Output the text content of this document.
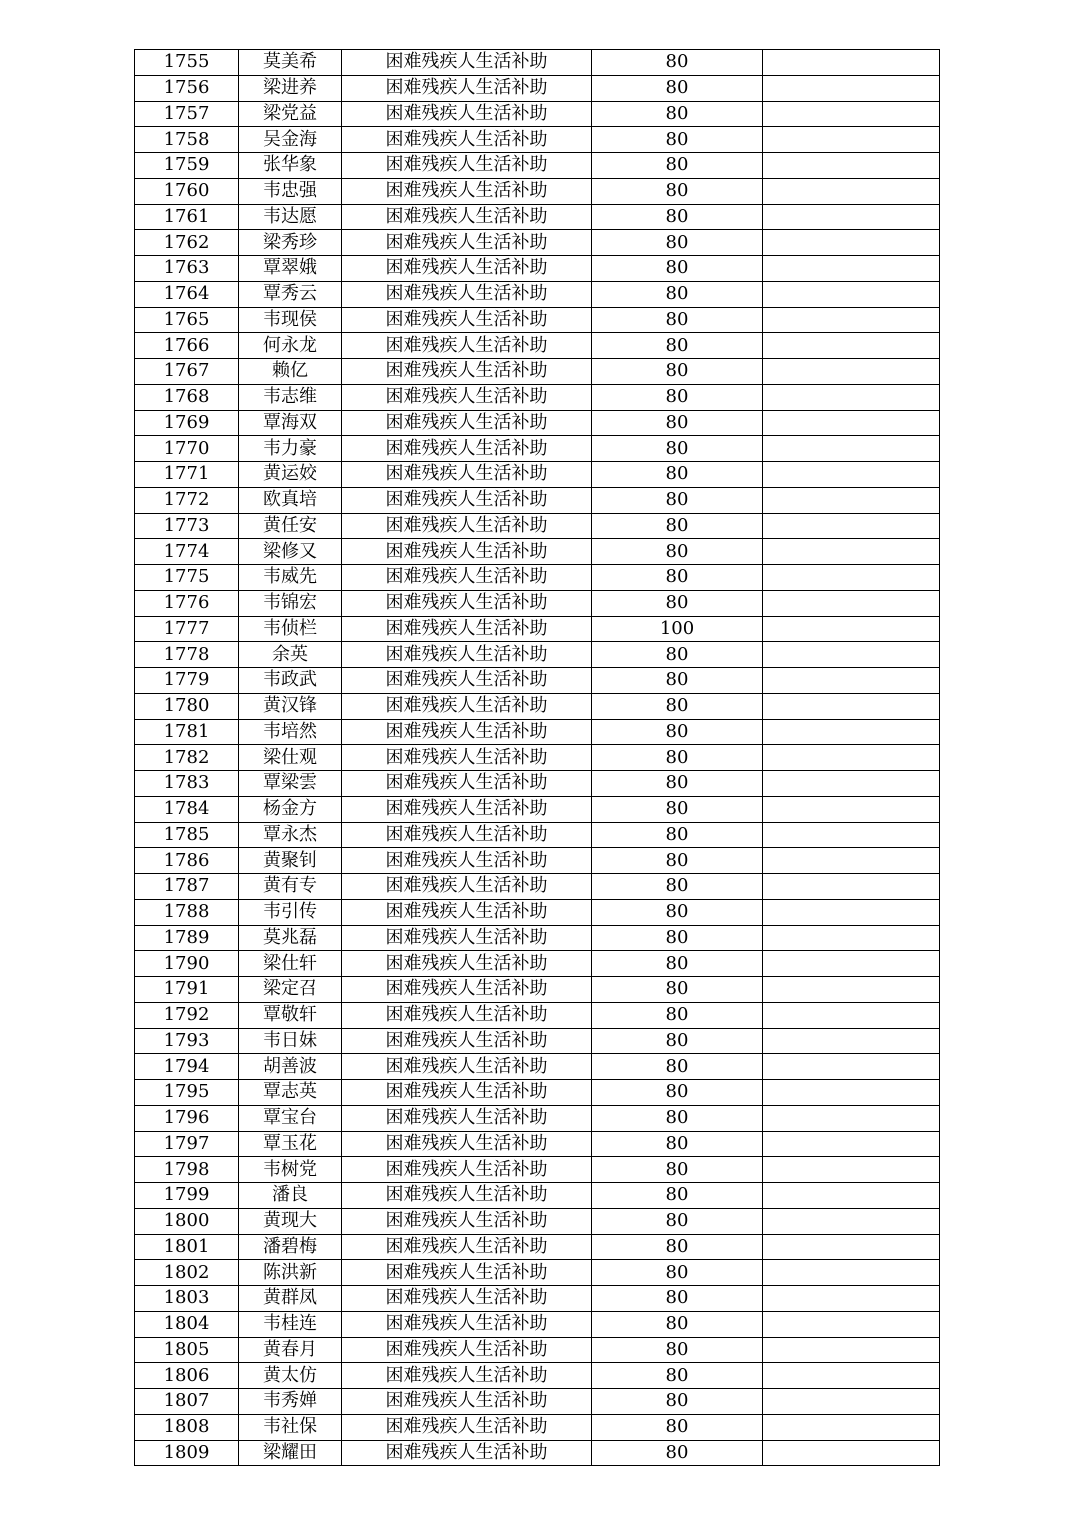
1755	莫美希	困难残疾人生活补助	80	
1756	梁进养	困难残疾人生活补助	80	
1757	梁党益	困难残疾人生活补助	80	
1758	吴金海	困难残疾人生活补助	80	
1759	张华象	困难残疾人生活补助	80	
1760	韦忠强	困难残疾人生活补助	80	
1761	韦达愿	困难残疾人生活补助	80	
1762	梁秀珍	困难残疾人生活补助	80	
1763	覃翠娥	困难残疾人生活补助	80	
1764	覃秀云	困难残疾人生活补助	80	
1765	韦现侯	困难残疾人生活补助	80	
1766	何永龙	困难残疾人生活补助	80	
1767	赖亿	困难残疾人生活补助	80	
1768	韦志维	困难残疾人生活补助	80	
1769	覃海双	困难残疾人生活补助	80	
1770	韦力豪	困难残疾人生活补助	80	
1771	黄运姣	困难残疾人生活补助	80	
1772	欧真培	困难残疾人生活补助	80	
1773	黄任安	困难残疾人生活补助	80	
1774	梁修又	困难残疾人生活补助	80	
1775	韦威先	困难残疾人生活补助	80	
1776	韦锦宏	困难残疾人生活补助	80	
1777	韦侦栏	困难残疾人生活补助	100	
1778	余英	困难残疾人生活补助	80	
1779	韦政武	困难残疾人生活补助	80	
1780	黄汉锋	困难残疾人生活补助	80	
1781	韦培然	困难残疾人生活补助	80	
1782	梁仕观	困难残疾人生活补助	80	
1783	覃梁雲	困难残疾人生活补助	80	
1784	杨金方	困难残疾人生活补助	80	
1785	覃永杰	困难残疾人生活补助	80	
1786	黄聚钊	困难残疾人生活补助	80	
1787	黄有专	困难残疾人生活补助	80	
1788	韦引传	困难残疾人生活补助	80	
1789	莫兆磊	困难残疾人生活补助	80	
1790	梁仕轩	困难残疾人生活补助	80	
1791	梁定召	困难残疾人生活补助	80	
1792	覃敬轩	困难残疾人生活补助	80	
1793	韦日妹	困难残疾人生活补助	80	
1794	胡善波	困难残疾人生活补助	80	
1795	覃志英	困难残疾人生活补助	80	
1796	覃宝台	困难残疾人生活补助	80	
1797	覃玉花	困难残疾人生活补助	80	
1798	韦树党	困难残疾人生活补助	80	
1799	潘良	困难残疾人生活补助	80	
1800	黄现大	困难残疾人生活补助	80	
1801	潘碧梅	困难残疾人生活补助	80	
1802	陈洪新	困难残疾人生活补助	80	
1803	黄群凤	困难残疾人生活补助	80	
1804	韦桂连	困难残疾人生活补助	80	
1805	黄春月	困难残疾人生活补助	80	
1806	黄太仿	困难残疾人生活补助	80	
1807	韦秀婵	困难残疾人生活补助	80	
1808	韦社保	困难残疾人生活补助	80	
1809	梁耀田	困难残疾人生活补助	80	
